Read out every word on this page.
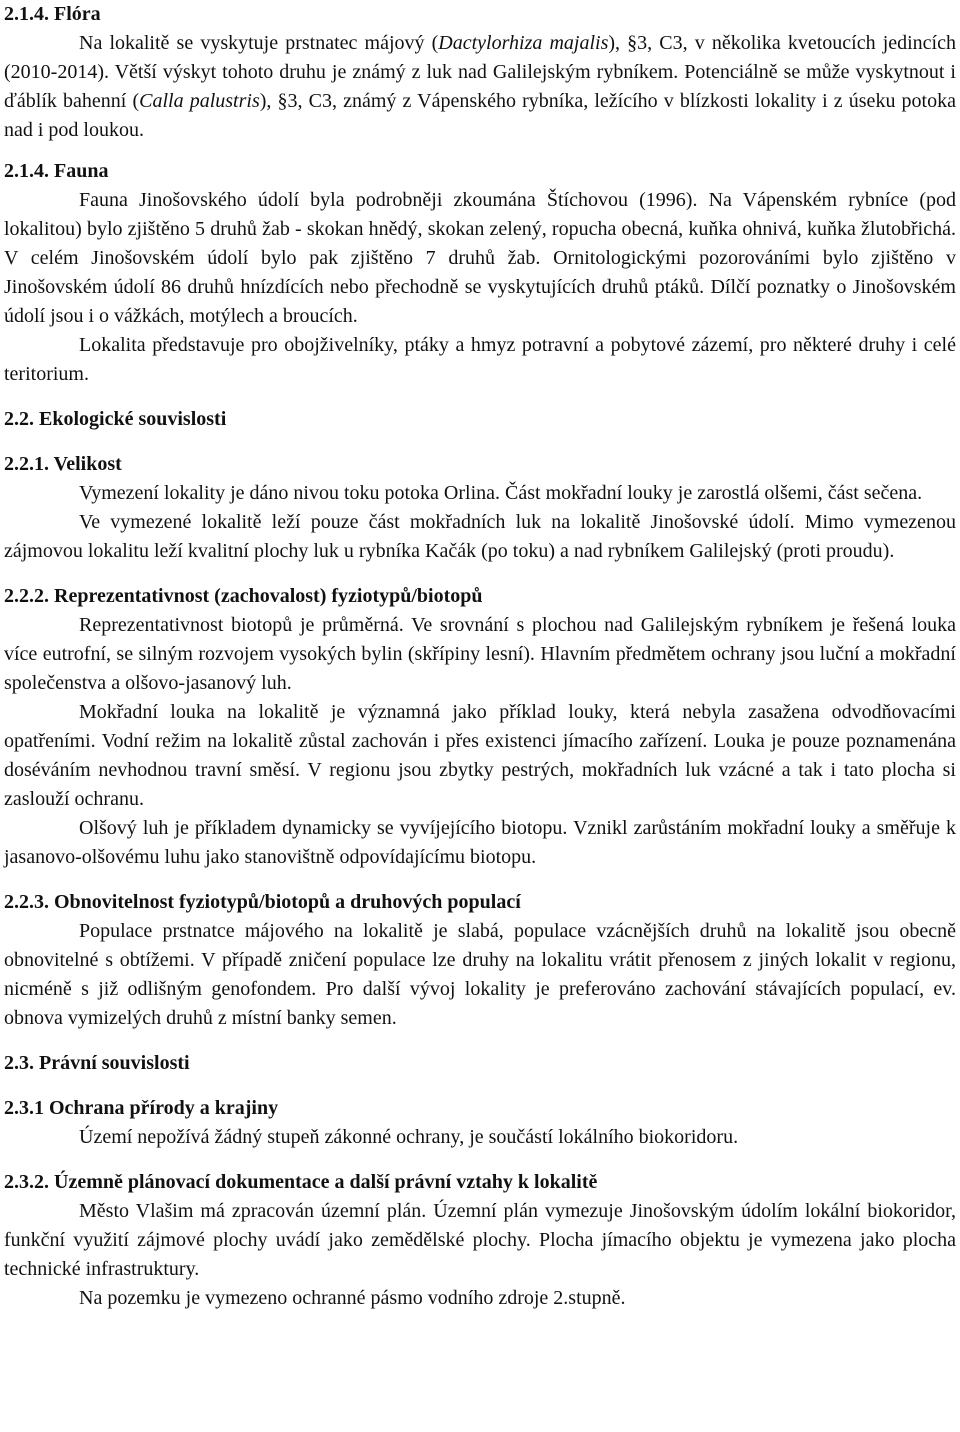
2.1.4. Flóra

Na lokalitě se vyskytuje prstnatec májový (Dactylorhiza majalis), §3, C3, v několika kvetoucích jedincích (2010-2014). Větší výskyt tohoto druhu je známý z luk nad Galilejským rybníkem. Potenciálně se může vyskytnout i ďáblík bahenní (Calla palustris), §3, C3, známý z Vápenského rybníka, ležícího v blízkosti lokality i z úseku potoka nad i pod loukou.

2.1.4. Fauna

Fauna Jinošovského údolí byla podrobněji zkoumána Štíchovou (1996). Na Vápenském rybníce (pod lokalitou) bylo zjištěno 5 druhů žab - skokan hnědý, skokan zelený, ropucha obecná, kuňka ohnivá, kuňka žlutobřichá. V celém Jinošovském údolí bylo pak zjištěno 7 druhů žab. Ornitologickými pozorováními bylo zjištěno v Jinošovském údolí 86 druhů hnízdících nebo přechodně se vyskytujících druhů ptáků. Dílčí poznatky o Jinošovském údolí jsou i o vážkách, motýlech a broucích.

Lokalita představuje pro obojživelníky, ptáky a hmyz potravní a pobytové zázemí, pro některé druhy i celé teritorium.

2.2. Ekologické souvislosti
2.2.1. Velikost

Vymezení lokality je dáno nivou toku potoka Orlina. Část mokřadní louky je zarostlá olšemi, část sečena.

Ve vymezené lokalitě leží pouze část mokřadních luk na lokalitě Jinošovské údolí. Mimo vymezenou zájmovou lokalitu leží kvalitní plochy luk u rybníka Kačák (po toku) a nad rybníkem Galilejský (proti proudu).

2.2.2. Reprezentativnost (zachovalost) fyziotypů/biotopů

Reprezentativnost biotopů je průměrná. Ve srovnání s plochou nad Galilejským rybníkem je řešená louka více eutrofní, se silným rozvojem vysokých bylin (skřípiny lesní). Hlavním předmětem ochrany jsou luční a mokřadní společenstva a olšovo-jasanový luh.

Mokřadní louka na lokalitě je významná jako příklad louky, která nebyla zasažena odvodňovacími opatřeními. Vodní režim na lokalitě zůstal zachován i přes existenci jímacího zařízení. Louka je pouze poznamenána doséváním nevhodnou travní směsí. V regionu jsou zbytky pestrých, mokřadních luk vzácné a tak i tato plocha si zaslouží ochranu.

Olšový luh je příkladem dynamicky se vyvíjejícího biotopu. Vznikl zarůstáním mokřadní louky a směřuje k jasanovo-olšovému luhu jako stanovištně odpovídajícímu biotopu.

2.2.3. Obnovitelnost fyziotypů/biotopů a druhových populací

Populace prstnatce májového na lokalitě je slabá, populace vzácnějších druhů na lokalitě jsou obecně obnovitelné s obtížemi. V případě zničení populace lze druhy na lokalitu vrátit přenosem z jiných lokalit v regionu, nicméně s již odlišným genofondem. Pro další vývoj lokality je preferováno zachování stávajících populací, ev. obnova vymizelých druhů z místní banky semen.

2.3. Právní souvislosti
2.3.1 Ochrana přírody a krajiny

Území nepožívá žádný stupeň zákonné ochrany, je součástí lokálního biokoridoru.

2.3.2. Územně plánovací dokumentace a další právní vztahy k lokalitě

Město Vlašim má zpracován územní plán. Územní plán vymezuje Jinošovským údolím lokální biokoridor, funkční využití zájmové plochy uvádí jako zemědělské plochy. Plocha jímacího objektu je vymezena jako plocha technické infrastruktury.

Na pozemku je vymezeno ochranné pásmo vodního zdroje 2.stupně.
